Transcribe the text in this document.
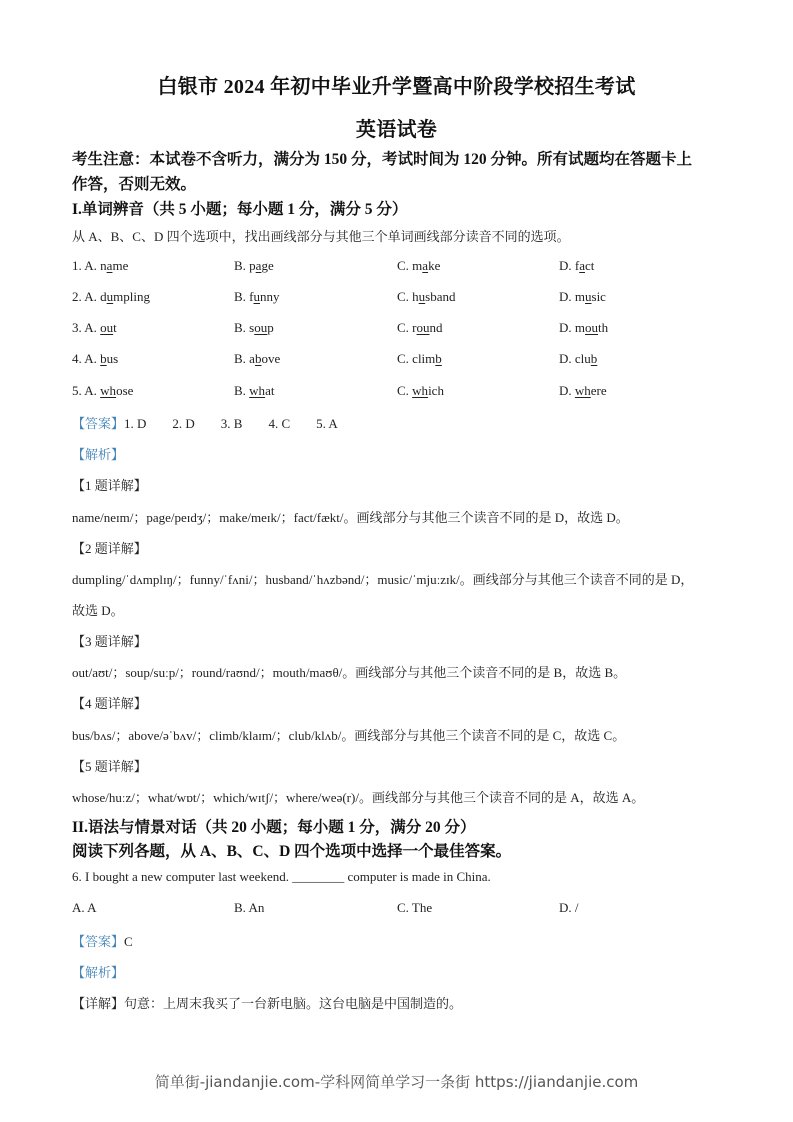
白银市 2024 年初中毕业升学暨高中阶段学校招生考试
英语试卷
考生注意：本试卷不含听力，满分为 150 分，考试时间为 120 分钟。所有试题均在答题卡上
作答，否则无效。
I.单词辨音（共 5 小题；每小题 1 分，满分 5 分）
从 A、B、C、D 四个选项中，找出画线部分与其他三个单词画线部分读音不同的选项。
1. A. name	B. page	C. make	D. fact
2. A. dumpling	B. funny	C. husband	D. music
3. A. out	B. soup	C. round	D. mouth
4. A. bus	B. above	C. climb	D. club
5. A. whose	B. what	C. which	D. where
【答案】1. D 2. D 3. B 4. C 5. A
【解析】
【1 题详解】
name/neɪm/；page/peɪdʒ/；make/meɪk/；fact/fækt/。画线部分与其他三个读音不同的是 D，故选 D。
【2 题详解】
dumpling/ˈdʌmplɪŋ/；funny/ˈfʌni/；husband/ˈhʌzbənd/；music/ˈmjuːzɪk/。画线部分与其他三个读音不同的是 D，
故选 D。
【3 题详解】
out/aʊt/；soup/suːp/；round/raʊnd/；mouth/maʊθ/。画线部分与其他三个读音不同的是 B，故选 B。
【4 题详解】
bus/bʌs/；above/əˈbʌv/；climb/klaɪm/；club/klʌb/。画线部分与其他三个读音不同的是 C，故选 C。
【5 题详解】
whose/huːz/；what/wɒt/；which/wɪtʃ/；where/weə(r)/。画线部分与其他三个读音不同的是 A，故选 A。
II.语法与情景对话（共 20 小题；每小题 1 分，满分 20 分）
阅读下列各题，从 A、B、C、D 四个选项中选择一个最佳答案。
6. I bought a new computer last weekend. ________ computer is made in China.
A. A	B. An	C. The	D. /
【答案】C
【解析】
【详解】句意：上周末我买了一台新电脑。这台电脑是中国制造的。
简单街-jiandanjie.com-学科网简单学习一条街 https://jiandanjie.com
